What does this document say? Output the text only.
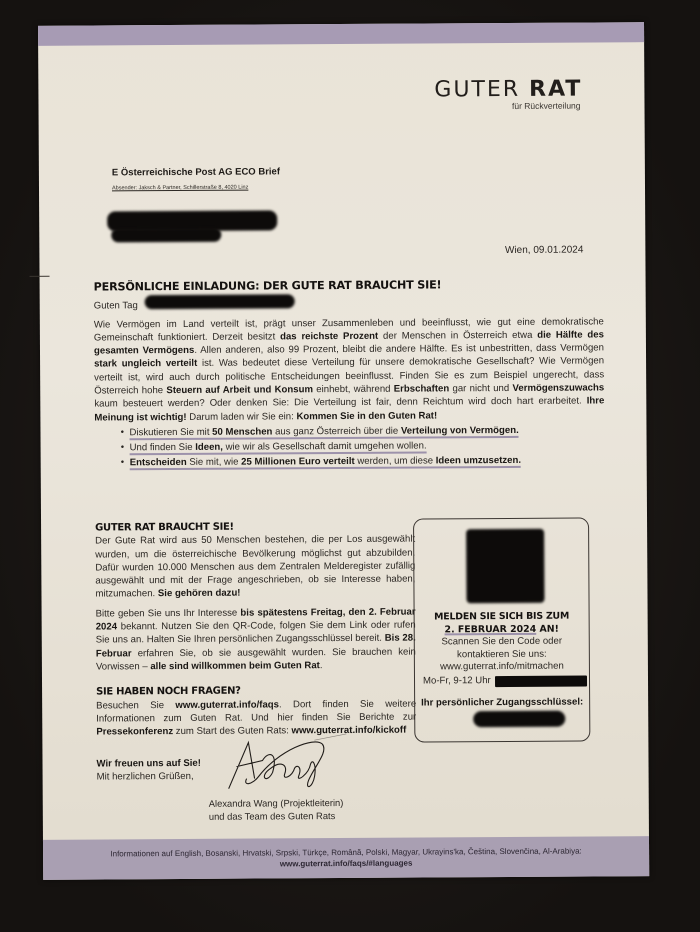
GUTER RAT
für Rückverteilung
E Österreichische Post AG ECO Brief
Absender: Jaksch & Partner, Schillerstraße 8, 4020 Linz
Wien, 09.01.2024
PERSÖNLICHE EINLADUNG: DER GUTE RAT BRAUCHT SIE!
Guten Tag
Wie Vermögen im Land verteilt ist, prägt unser Zusammenleben und beeinflusst, wie gut eine demokratische Gemeinschaft funktioniert. Derzeit besitzt das reichste Prozent der Menschen in Österreich etwa die Hälfte des gesamten Vermögens. Allen anderen, also 99 Prozent, bleibt die andere Hälfte. Es ist unbestritten, dass Vermögen stark ungleich verteilt ist. Was bedeutet diese Verteilung für unsere demokratische Gesellschaft? Wie Vermögen verteilt ist, wird auch durch politische Entscheidungen beeinflusst. Finden Sie es zum Beispiel ungerecht, dass Österreich hohe Steuern auf Arbeit und Konsum einhebt, während Erbschaften gar nicht und Vermögenszuwachs kaum besteuert werden? Oder denken Sie: Die Verteilung ist fair, denn Reichtum wird doch hart erarbeitet. Ihre Meinung ist wichtig! Darum laden wir Sie ein: Kommen Sie in den Guten Rat!
● Diskutieren Sie mit 50 Menschen aus ganz Österreich über die Verteilung von Vermögen.
● Und finden Sie Ideen, wie wir als Gesellschaft damit umgehen wollen.
● Entscheiden Sie mit, wie 25 Millionen Euro verteilt werden, um diese Ideen umzusetzen.
GUTER RAT BRAUCHT SIE!
Der Gute Rat wird aus 50 Menschen bestehen, die per Los ausgewählt wurden, um die österreichische Bevölkerung möglichst gut abzubilden. Dafür wurden 10.000 Menschen aus dem Zentralen Melderegister zufällig ausgewählt und mit der Frage angeschrieben, ob sie Interesse haben, mitzumachen. Sie gehören dazu!
Bitte geben Sie uns Ihr Interesse bis spätestens Freitag, den 2. Februar 2024 bekannt. Nutzen Sie den QR-Code, folgen Sie dem Link oder rufen Sie uns an. Halten Sie Ihren persönlichen Zugangsschlüssel bereit. Bis 28. Februar erfahren Sie, ob sie ausgewählt wurden. Sie brauchen kein Vorwissen – alle sind willkommen beim Guten Rat.
SIE HABEN NOCH FRAGEN?
Besuchen Sie www.guterrat.info/faqs. Dort finden Sie weitere Informationen zum Guten Rat. Und hier finden Sie Berichte zur Pressekonferenz zum Start des Guten Rats: www.guterrat.info/kickoff
MELDEN SIE SICH BIS ZUM
2. FEBRUAR 2024 AN!
Scannen Sie den Code oder
kontaktieren Sie uns:
www.guterrat.info/mitmachen
Mo-Fr, 9-12 Uhr
Ihr persönlicher Zugangsschlüssel:
Wir freuen uns auf Sie!
Mit herzlichen Grüßen,
Alexandra Wang (Projektleiterin)
und das Team des Guten Rats
Informationen auf English, Bosanski, Hrvatski, Srpski, Türkçe, Română, Polski, Magyar, Ukrayins'ka, Čeština, Slovenčina, Al-Arabiya:
www.guterrat.info/faqs/#languages
